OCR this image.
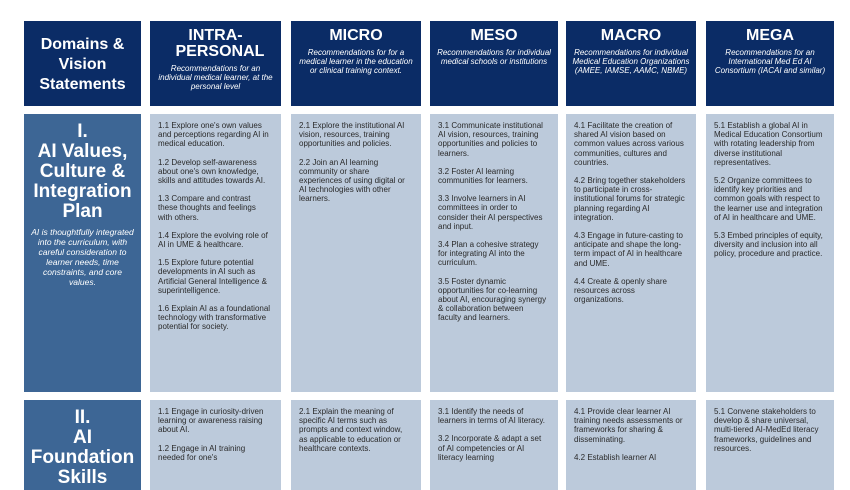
Domains & Vision Statements
INTRA-PERSONAL
Recommendations for an individual medical learner, at the personal level
MICRO
Recommendations for for a medical learner in the education or clinical training context.
MESO
Recommendations for individual medical schools or institutions
MACRO
Recommendations for individual Medical Education Organizations (AMEE, IAMSE, AAMC, NBME)
MEGA
Recommendations for an International Med Ed AI Consortium (IACAI and similar)
I.
AI Values, Culture & Integration Plan
AI is thoughtfully integrated into the curriculum, with careful consideration to learner needs, time constraints, and core values.

1.1 Explore one's own values and perceptions regarding AI in medical education.

1.2 Develop self-awareness about one's own knowledge, skills and attitudes towards AI.

1.3 Compare and contrast these thoughts and feelings with others.

1.4 Explore the evolving role of AI in UME & healthcare.

1.5 Explore future potential developments in AI such as Artificial General Intelligence & superintelligence.

1.6 Explain AI as a foundational technology with transformative potential for society.

2.1 Explore the institutional AI vision, resources, training opportunities and policies.

2.2 Join an AI learning community or share experiences of using digital or AI technologies with other learners.

3.1 Communicate institutional AI vision, resources, training opportunities and policies to learners.

3.2 Foster AI learning communities for learners.

3.3 Involve learners in AI committees in order to consider their AI perspectives and input.

3.4 Plan a cohesive strategy for integrating AI into the curriculum.

3.5 Foster dynamic opportunities for co-learning about AI, encouraging synergy & collaboration between faculty and learners.

4.1 Facilitate the creation of shared AI vision based on common values across various communities, cultures and countries.

4.2 Bring together stakeholders to participate in cross-institutional forums for strategic planning regarding AI integration.

4.3 Engage in future-casting to anticipate and shape the long-term impact of AI in healthcare and UME.

4.4 Create & openly share resources across organizations.

5.1 Establish a global AI in Medical Education Consortium with rotating leadership from diverse institutional representatives.

5.2 Organize committees to identify key priorities and common goals with respect to the learner use and integration of AI in healthcare and UME.

5.3 Embed principles of equity, diversity and inclusion into all policy, procedure and practice.

II.
AI Foundation Skills

1.1 Engage in curiosity-driven learning or awareness raising about AI.

1.2 Engage in AI training needed for one's

2.1 Explain the meaning of specific AI terms such as prompts and context window, as applicable to education or healthcare contexts.

3.1 Identify the needs of learners in terms of AI literacy.

3.2 Incorporate & adapt a set of AI competencies or AI literacy learning

4.1 Provide clear learner AI training needs assessments or frameworks for sharing & disseminating.

4.2 Establish learner AI

5.1 Convene stakeholders to develop & share universal, multi-tiered AI-MedEd literacy frameworks, guidelines and resources.
